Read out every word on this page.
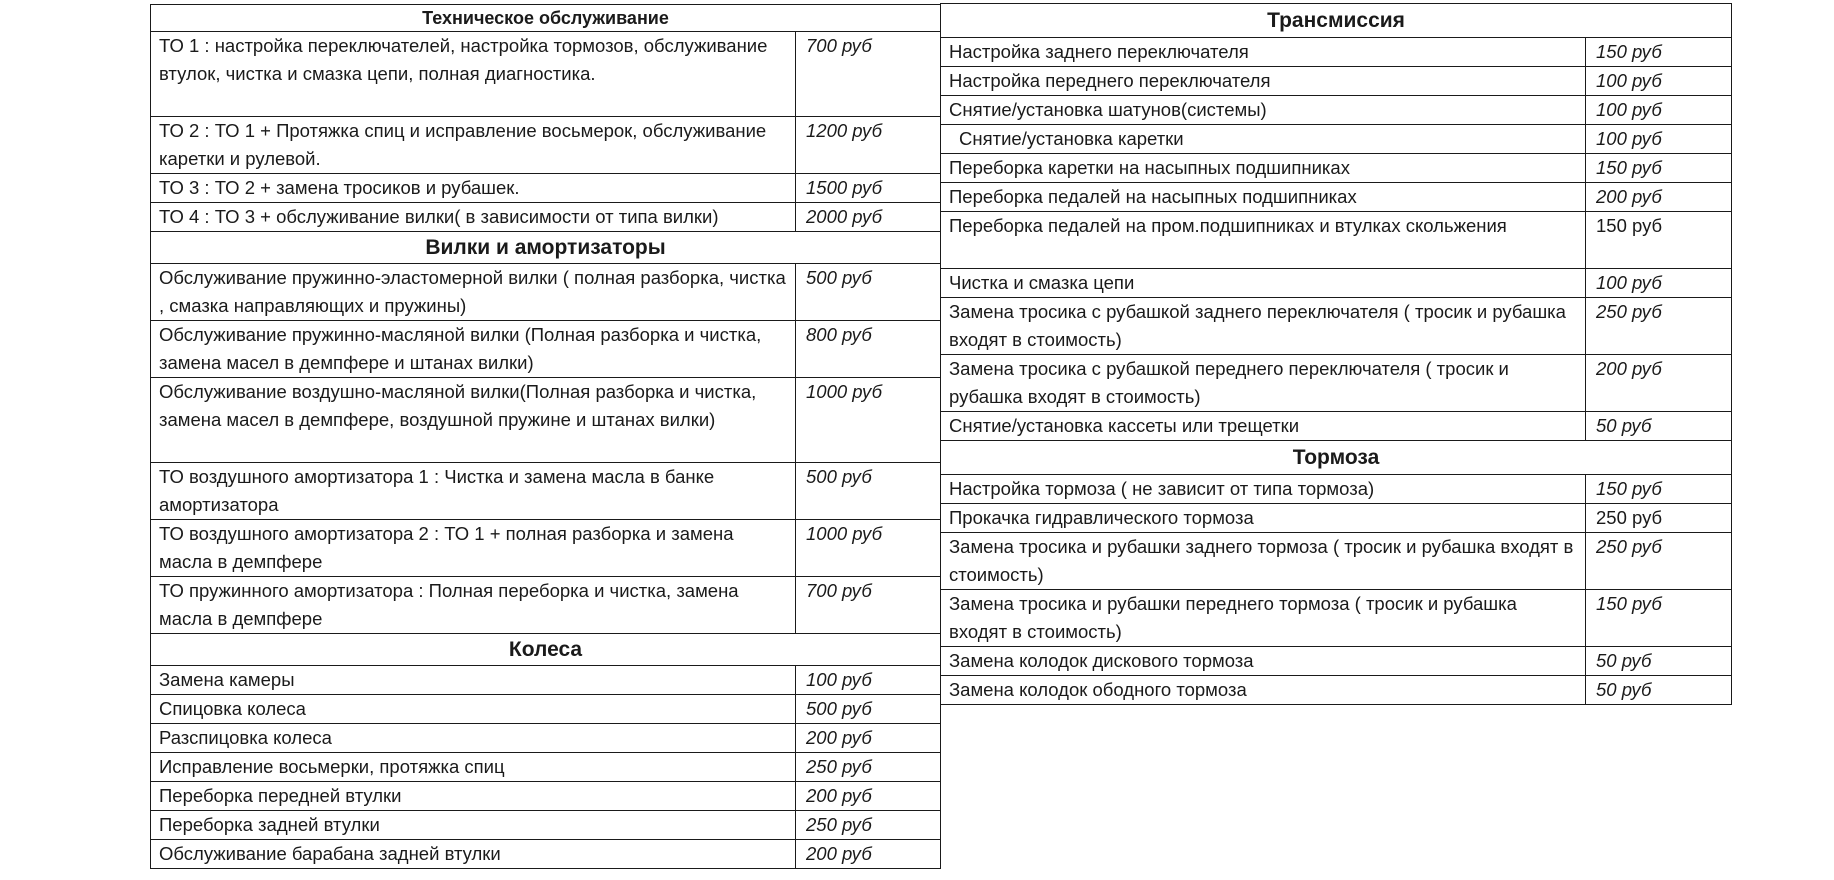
Техническое обслуживание	
ТО 1 : настройка переключателей, настройка тормозов, обслуживание втулок, чистка и смазка цепи, полная диагностика.	700 руб
ТО 2 : ТО 1 + Протяжка спиц и исправление восьмерок, обслуживание каретки и рулевой.	1200 руб
ТО 3 : ТО 2 + замена тросиков и рубашек.	1500 руб
ТО 4 : ТО 3 + обслуживание вилки( в зависимости от типа вилки)	2000 руб
Вилки и амортизаторы	
Обслуживание пружинно-эластомерной вилки ( полная разборка, чистка , смазка направляющих и пружины)	500 руб
Обслуживание пружинно-масляной вилки (Полная разборка и чистка, замена масел в демпфере и штанах вилки)	800 руб
Обслуживание воздушно-масляной вилки(Полная разборка и чистка, замена масел в демпфере, воздушной пружине и штанах вилки)	1000 руб
ТО воздушного амортизатора 1 : Чистка и замена масла в банке амортизатора	500 руб
ТО воздушного амортизатора 2 : ТО 1 + полная разборка и замена масла в демпфере	1000 руб
ТО пружинного амортизатора : Полная переборка и чистка, замена масла в демпфере	700 руб
Колеса	
Замена камеры	100 руб
Спицовка колеса	500 руб
Разспицовка колеса	200 руб
Исправление восьмерки, протяжка спиц	250 руб
Переборка передней втулки	200 руб
Переборка задней втулки	250 руб
Обслуживание барабана задней втулки	200 руб
Трансмиссия	
Настройка заднего переключателя	150 руб
Настройка переднего переключателя	100 руб
Снятие/установка шатунов(системы)	100 руб
Снятие/установка каретки	100 руб
Переборка каретки на насыпных подшипниках	150 руб
Переборка педалей на насыпных подшипниках	200 руб
Переборка педалей на пром.подшипниках и втулках скольжения	150 руб
Чистка и смазка цепи	100 руб
Замена тросика с рубашкой заднего переключателя ( тросик и рубашка входят в стоимость)	250 руб
Замена тросика с рубашкой переднего переключателя ( тросик и рубашка входят в стоимость)	200 руб
Снятие/установка кассеты или трещетки	50 руб
Тормоза	
Настройка тормоза ( не зависит от типа тормоза)	150 руб
Прокачка гидравлического тормоза	250 руб
Замена тросика и рубашки заднего тормоза ( тросик и рубашка входят в стоимость)	250 руб
Замена тросика и рубашки переднего тормоза ( тросик и рубашка входят в стоимость)	150 руб
Замена колодок дискового тормоза	50 руб
Замена колодок ободного тормоза	50 руб
